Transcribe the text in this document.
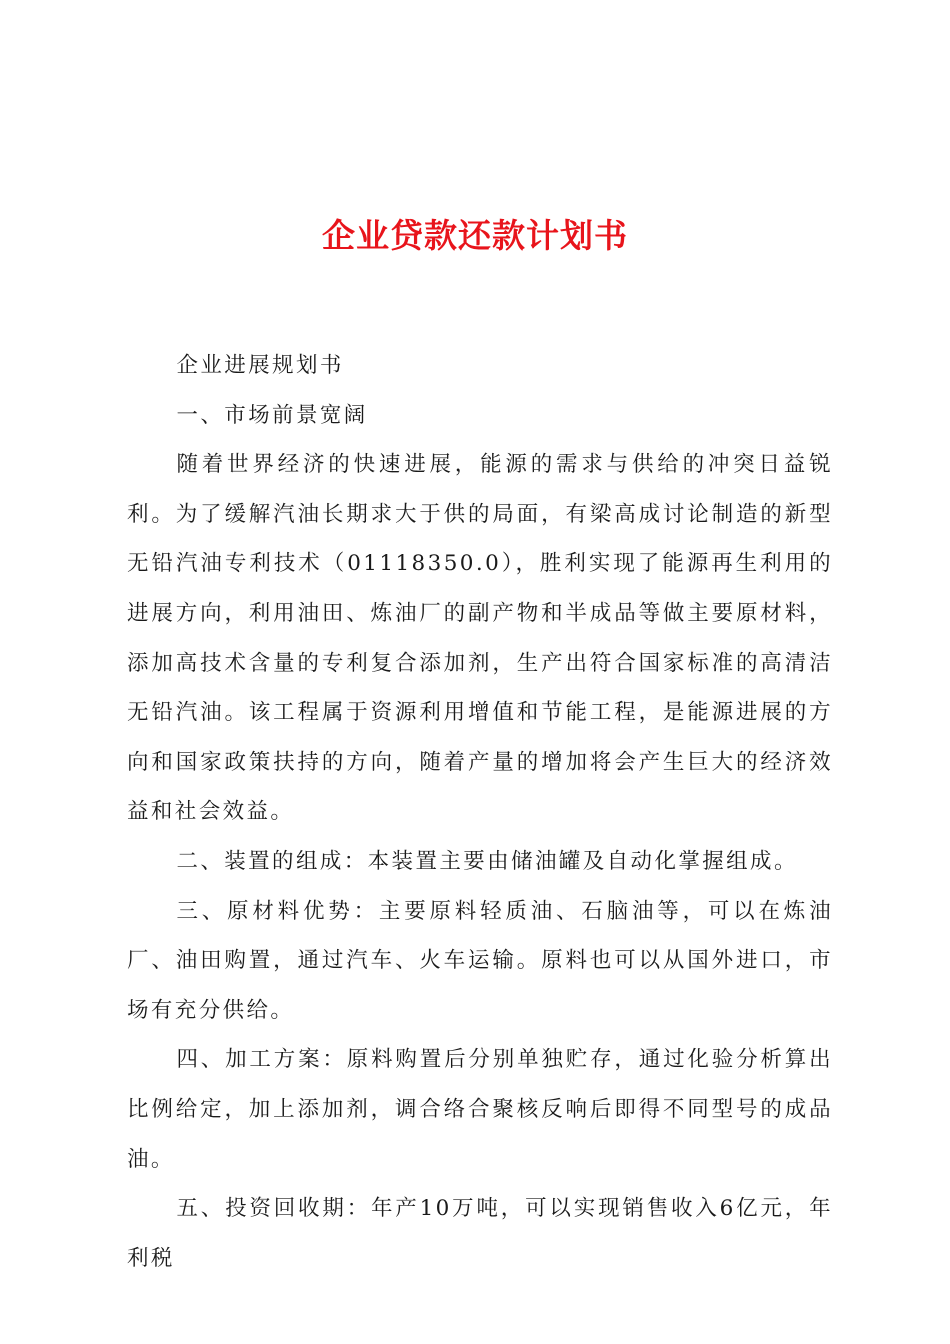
企业贷款还款计划书

企业进展规划书

一、市场前景宽阔

随着世界经济的快速进展，能源的需求与供给的冲突日益锐利。为了缓解汽油长期求大于供的局面，有梁高成讨论制造的新型无铅汽油专利技术（01118350.0），胜利实现了能源再生利用的进展方向，利用油田、炼油厂的副产物和半成品等做主要原材料，添加高技术含量的专利复合添加剂，生产出符合国家标准的高清洁无铅汽油。该工程属于资源利用增值和节能工程，是能源进展的方向和国家政策扶持的方向，随着产量的增加将会产生巨大的经济效益和社会效益。

二、装置的组成：本装置主要由储油罐及自动化掌握组成。

三、原材料优势：主要原料轻质油、石脑油等，可以在炼油厂、油田购置，通过汽车、火车运输。原料也可以从国外进口，市场有充分供给。

四、加工方案：原料购置后分别单独贮存，通过化验分析算出比例给定，加上添加剂，调合络合聚核反响后即得不同型号的成品油。

五、投资回收期：年产10万吨，可以实现销售收入6亿元，年利税
